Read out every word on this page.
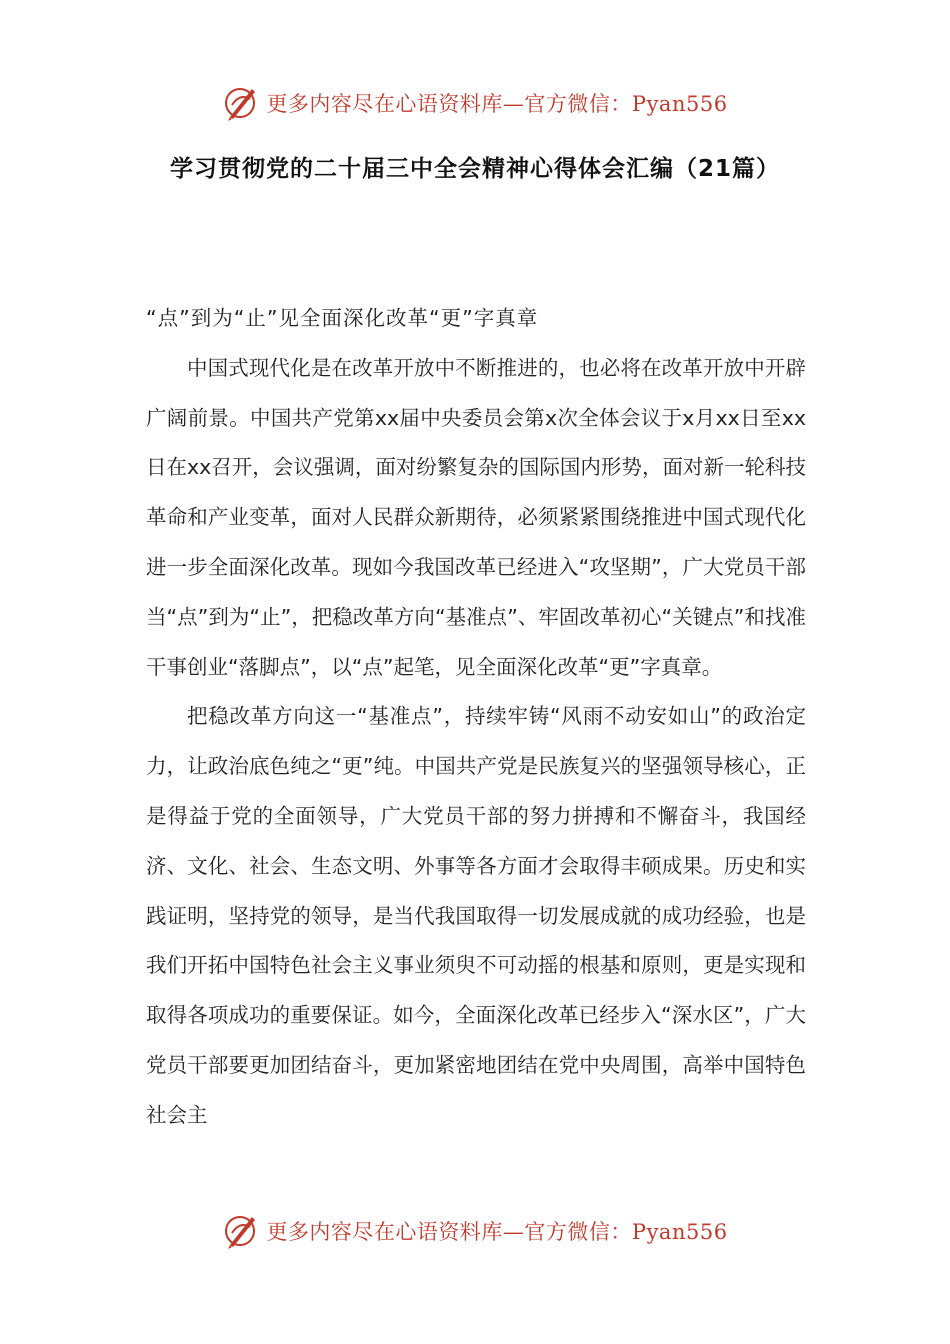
更多内容尽在心语资料库—官方微信：Pyan556
学习贯彻党的二十届三中全会精神心得体会汇编（21篇）

“点”到为“止”见全面深化改革“更”字真章

中国式现代化是在改革开放中不断推进的，也必将在改革开放中开辟广阔前景。中国共产党第xx届中央委员会第x次全体会议于x月xx日至xx日在xx召开，会议强调，面对纷繁复杂的国际国内形势，面对新一轮科技革命和产业变革，面对人民群众新期待，必须紧紧围绕推进中国式现代化进一步全面深化改革。现如今我国改革已经进入“攻坚期”，广大党员干部当“点”到为“止”，把稳改革方向“基准点”、牢固改革初心“关键点”和找准干事创业“落脚点”，以“点”起笔，见全面深化改革“更”字真章。

把稳改革方向这一“基准点”，持续牢铸“风雨不动安如山”的政治定力，让政治底色纯之“更”纯。中国共产党是民族复兴的坚强领导核心，正是得益于党的全面领导，广大党员干部的努力拼搏和不懈奋斗，我国经济、文化、社会、生态文明、外事等各方面才会取得丰硕成果。历史和实践证明，坚持党的领导，是当代我国取得一切发展成就的成功经验，也是我们开拓中国特色社会主义事业须臾不可动摇的根基和原则，更是实现和取得各项成功的重要保证。如今，全面深化改革已经步入“深水区”，广大党员干部要更加团结奋斗，更加紧密地团结在党中央周围，高举中国特色社会主

更多内容尽在心语资料库—官方微信：Pyan556
